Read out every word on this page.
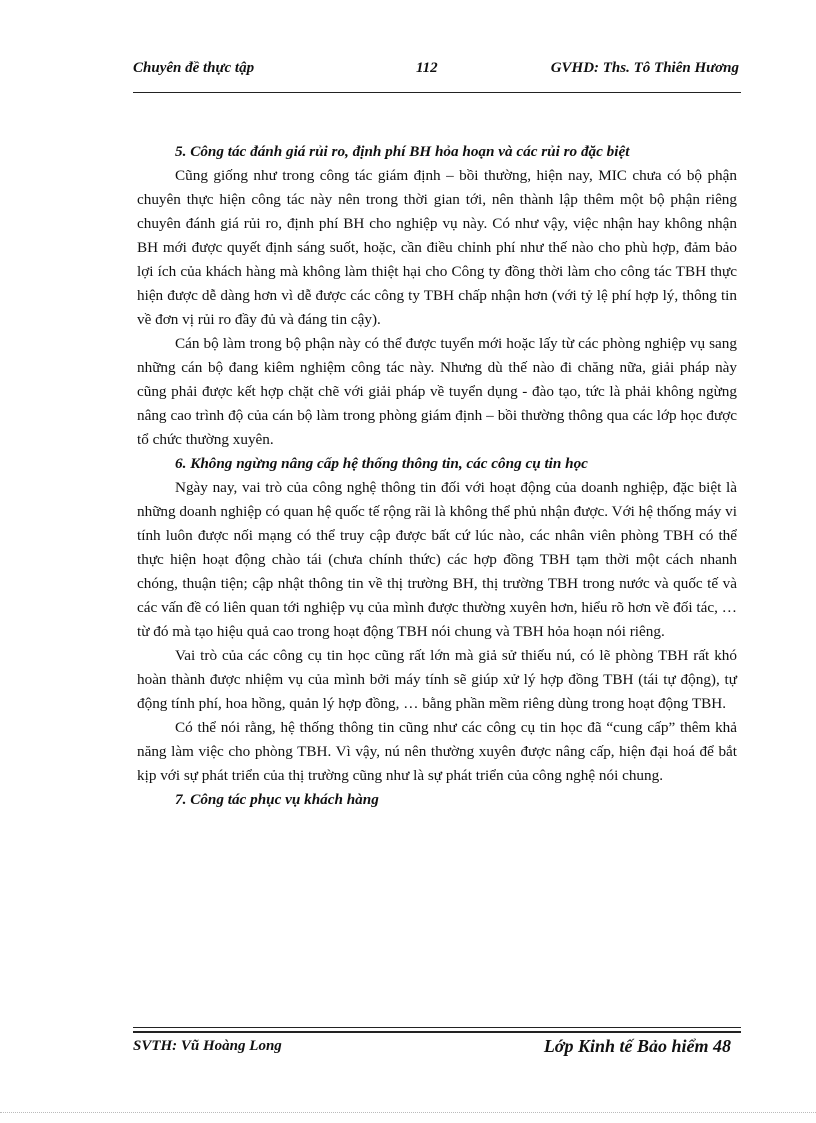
Chuyên đề thực tập	112	GVHD: Ths. Tô Thiên Hương

5. Công tác đánh giá rủi ro, định phí BH hỏa hoạn và các rủi ro đặc biệt

Cũng giống như trong công tác giám định – bồi thường, hiện nay, MIC chưa có bộ phận chuyên thực hiện công tác này nên trong thời gian tới, nên thành lập thêm một bộ phận riêng chuyên đánh giá rủi ro, định phí BH cho nghiệp vụ này. Có như vậy, việc nhận hay không nhận BH mới được quyết định sáng suốt, hoặc, cần điều chỉnh phí như thế nào cho phù hợp, đảm bảo lợi ích của khách hàng mà không làm thiệt hại cho Công ty đồng thời làm cho công tác TBH thực hiện được dễ dàng hơn vì dễ được các công ty TBH chấp nhận hơn (với tỷ lệ phí hợp lý, thông tin về đơn vị rủi ro đầy đủ và đáng tin cậy).

Cán bộ làm trong bộ phận này có thể được tuyển mới hoặc lấy từ các phòng nghiệp vụ sang những cán bộ đang kiêm nghiệm công tác này. Nhưng dù thế nào đi chăng nữa, giải pháp này cũng phải được kết hợp chặt chẽ với giải pháp về tuyển dụng - đào tạo, tức là phải không ngừng nâng cao trình độ của cán bộ làm trong phòng giám định – bồi thường thông qua các lớp học được tổ chức thường xuyên.

6. Không ngừng nâng cấp hệ thống thông tin, các công cụ tin học

Ngày nay, vai trò của công nghệ thông tin đối với hoạt động của doanh nghiệp, đặc biệt là những doanh nghiệp có quan hệ quốc tế rộng rãi là không thể phủ nhận được. Với hệ thống máy vi tính luôn được nối mạng có thể truy cập được bất cứ lúc nào, các nhân viên phòng TBH có thể thực hiện hoạt động chào tái (chưa chính thức) các hợp đồng TBH tạm thời một cách nhanh chóng, thuận tiện; cập nhật thông tin về thị trường BH, thị trường TBH trong nước và quốc tế và các vấn đề có liên quan tới nghiệp vụ của mình được thường xuyên hơn, hiểu rõ hơn về đối tác, … từ đó mà tạo hiệu quả cao trong hoạt động TBH nói chung và TBH hỏa hoạn nói riêng.

Vai trò của các công cụ tin học cũng rất lớn mà giả sử thiếu nú, có lẽ phòng TBH rất khó hoàn thành được nhiệm vụ của mình bởi máy tính sẽ giúp xử lý hợp đồng TBH (tái tự động), tự động tính phí, hoa hồng, quản lý hợp đồng, … bằng phần mềm riêng dùng trong hoạt động TBH.

Có thể nói rằng, hệ thống thông tin cũng như các công cụ tin học đã “cung cấp” thêm khả năng làm việc cho phòng TBH. Vì vậy, nú nên thường xuyên được nâng cấp, hiện đại hoá để bắt kịp với sự phát triển của thị trường cũng như là sự phát triển của công nghệ nói chung.

7. Công tác phục vụ khách hàng

SVTH: Vũ Hoàng Long	Lớp Kinh tế Bảo hiểm 48
